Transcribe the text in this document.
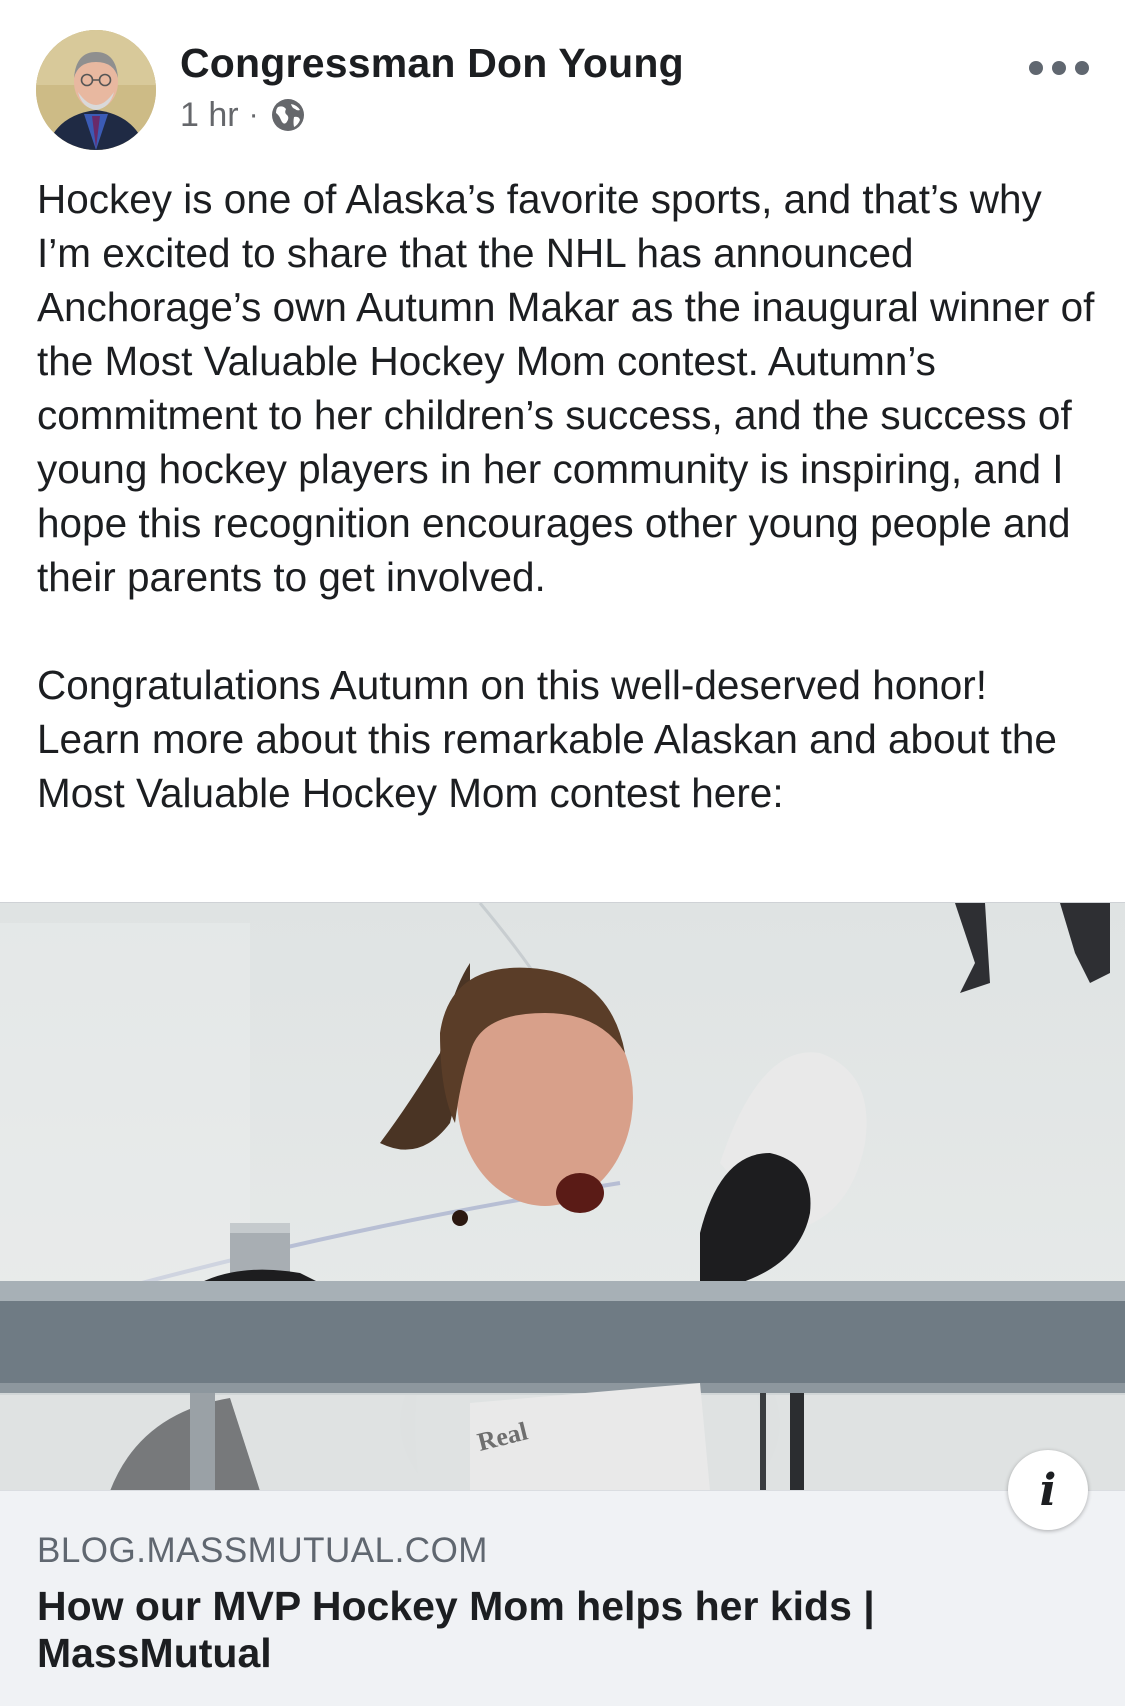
Congressman Don Young
1 hr ·

Hockey is one of Alaska’s favorite sports, and that’s why I’m excited to share that the NHL has announced Anchorage’s own Autumn Makar as the inaugural winner of the Most Valuable Hockey Mom contest. Autumn’s commitment to her children’s success, and the success of young hockey players in her community is inspiring, and I hope this recognition encourages other young people and their parents to get involved.

Congratulations Autumn on this well-deserved honor! Learn more about this remarkable Alaskan and about the Most Valuable Hockey Mom contest here:

Real
i
BLOG.MASSMUTUAL.COM
How our MVP Hockey Mom helps her kids | MassMutual
